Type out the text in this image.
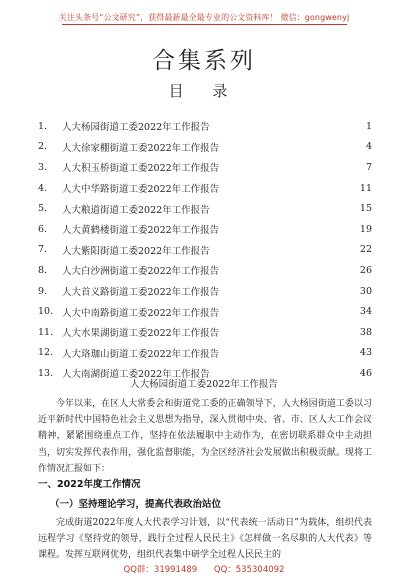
关注头条号“公文研究”，获得最新最全最专业的公文资料库！ 微信：gongwenyj
合集系列
目 录
1.	人大杨园街道工委2022年工作报告	1
2.	人大徐家棚街道工委2022年工作报告	4
3.	人大积玉桥街道工委2022年工作报告	7
4.	人大中华路街道工委2022年工作报告	11
5.	人大粮道街道工委2022年工作报告	15
6.	人大黄鹤楼街道工委2022年工作报告	19
7.	人大紫阳街道工委2022年工作报告	22
8.	人大白沙洲街道工委2022年工作报告	26
9.	人大首义路街道工委2022年工作报告	30
10. 人大中南路街道工委2022年工作报告	34
11. 人大水果湖街道工委2022年工作报告	38
12. 人大珞珈山街道工委2022年工作报告	43
13. 人大南湖街道工委2022年工作报告	46
人大杨园街道工委2022年工作报告
今年以来，在区人大常委会和街道党工委的正确领导下，人大杨园街道工委以习近平新时代中国特色社会主义思想为指导，深入贯彻中央、省、市、区人大工作会议精神，紧紧围绕重点工作，坚持在依法履职中主动作为，在密切联系群众中主动担当，切实发挥代表作用，强化监督职能，为全区经济社会发展做出积极贡献。现将工作情况汇报如下：
一、2022年度工作情况
（一）坚持理论学习，提高代表政治站位
完成街道2022年度人大代表学习计划，以“代表统一活动日”为载体，组织代表远程学习《坚持党的领导，践行全过程人民民主》《怎样做一名尽职的人大代表》等课程。发挥互联网优势，组织代表集中研学全过程人民民主的
QQ群：31991489 QQ：535304092
